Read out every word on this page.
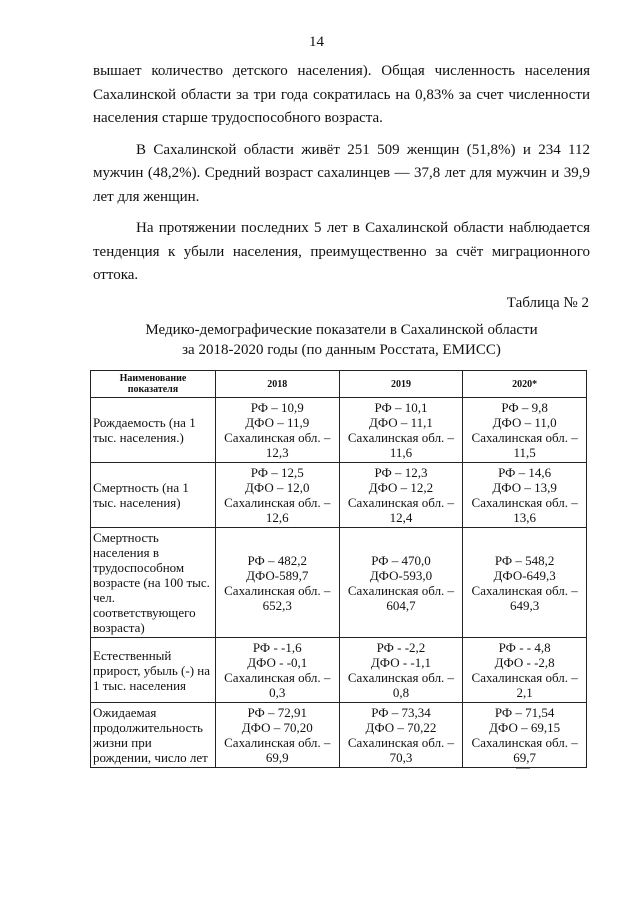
14

вышает количество детского населения). Общая численность населения Сахалинской области за три года сократилась на 0,83% за счет численности населения старше трудоспособного возраста.

В Сахалинской области живёт 251 509 женщин (51,8%) и 234 112 мужчин (48,2%). Средний возраст сахалинцев — 37,8 лет для мужчин и 39,9 лет для женщин.

На протяжении последних 5 лет в Сахалинской области наблюдается тенденция к убыли населения, преимущественно за счёт миграционного оттока.

Таблица № 2
Медико-демографические показатели в Сахалинской области
за 2018-2020 годы (по данным Росстата, ЕМИСС)
Наименование показателя	2018	2019	2020*
Рождаемость (на 1 тыс. населения.)	РФ – 10,9
ДФО – 11,9
Сахалинская обл. –
12,3	РФ – 10,1
ДФО – 11,1
Сахалинская обл. –
11,6	РФ – 9,8
ДФО – 11,0
Сахалинская обл. –
11,5

Смертность (на 1 тыс. населения)	РФ – 12,5
ДФО – 12,0
Сахалинская обл. –
12,6	РФ – 12,3
ДФО – 12,2
Сахалинская обл. –
12,4	РФ – 14,6
ДФО – 13,9
Сахалинская обл. –
13,6

Смертность населения в трудоспособном возрасте (на 100 тыс. чел. соответствующего возраста)	РФ – 482,2
ДФО-589,7
Сахалинская обл. –
652,3	РФ – 470,0
ДФО-593,0
Сахалинская обл. –
604,7	РФ – 548,2
ДФО-649,3
Сахалинская обл. –
649,3

Естественный прирост, убыль (-) на 1 тыс. населения	РФ - -1,6
ДФО - -0,1
Сахалинская обл. –
0,3	РФ - -2,2
ДФО - -1,1
Сахалинская обл. –
0,8	РФ - - 4,8
ДФО - -2,8
Сахалинская обл. –
2,1

Ожидаемая продолжительность жизни при рождении, число лет	РФ – 72,91
ДФО – 70,20
Сахалинская обл. –
69,9	РФ – 73,34
ДФО – 70,22
Сахалинская обл. –
70,3	РФ – 71,54
ДФО – 69,15
Сахалинская обл. –
69,7
